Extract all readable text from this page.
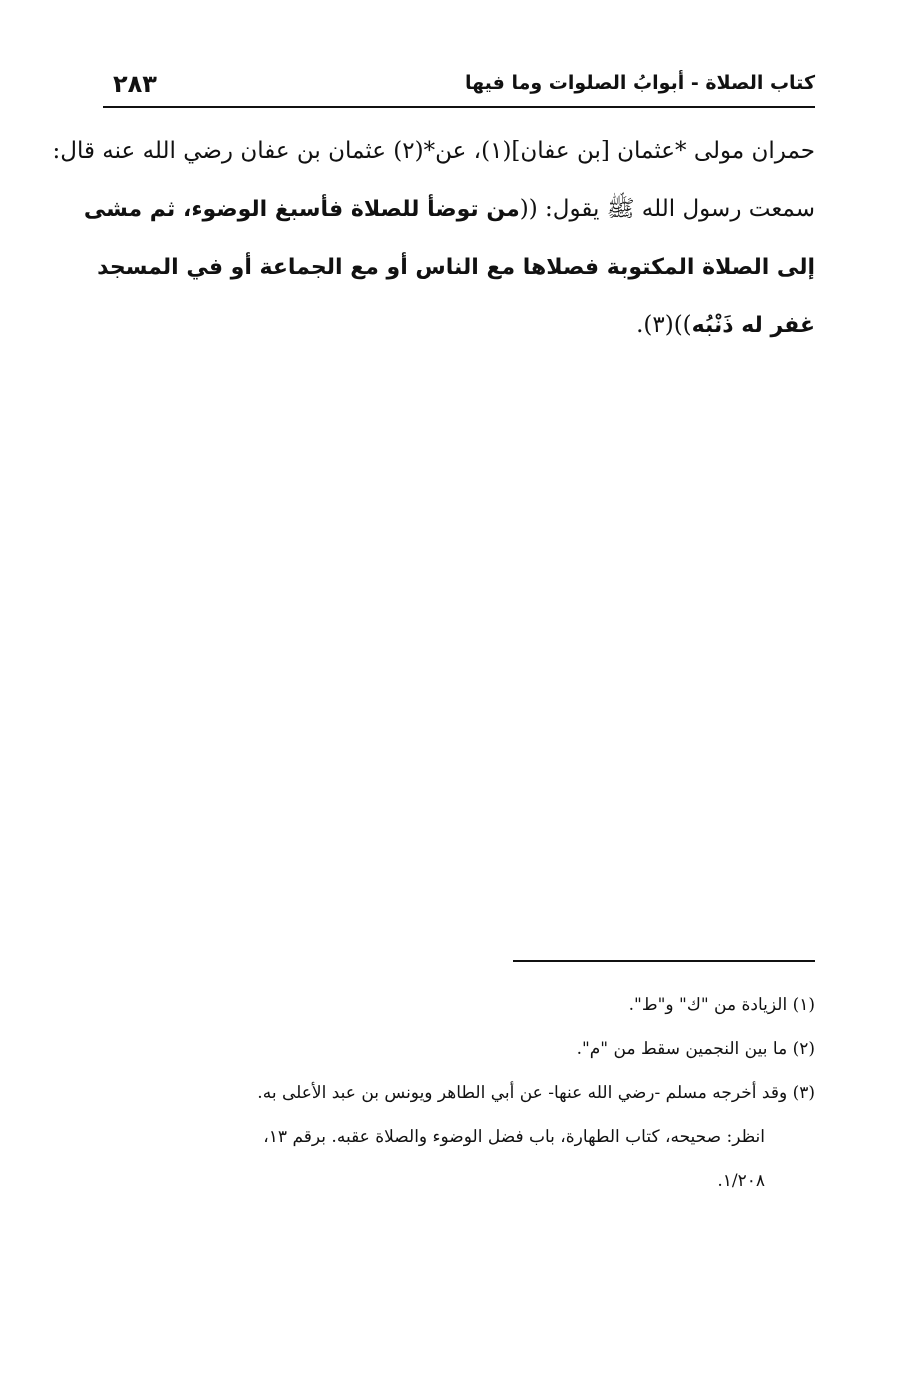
كتاب الصلاة - أبوابُ الصلوات وما فيها
٢٨٣
حمران مولى *عثمان [بن عفان](١)، عن*(٢) عثمان بن عفان رضي الله عنه قال:
سمعت رسول الله ﷺ يقول: ((من توضأ للصلاة فأسبغ الوضوء، ثم مشى
إلى الصلاة المكتوبة فصلاها مع الناس أو مع الجماعة أو في المسجد
غفر له ذَنْبُه))(٣).
(١) الزيادة من "ك" و"ط".
(٢) ما بين النجمين سقط من "م".
(٣) وقد أخرجه مسلم -رضي الله عنها- عن أبي الطاهر ويونس بن عبد الأعلى به.
انظر: صحيحه، كتاب الطهارة، باب فضل الوضوء والصلاة عقبه. برقم ١٣،
١/٢٠٨.
